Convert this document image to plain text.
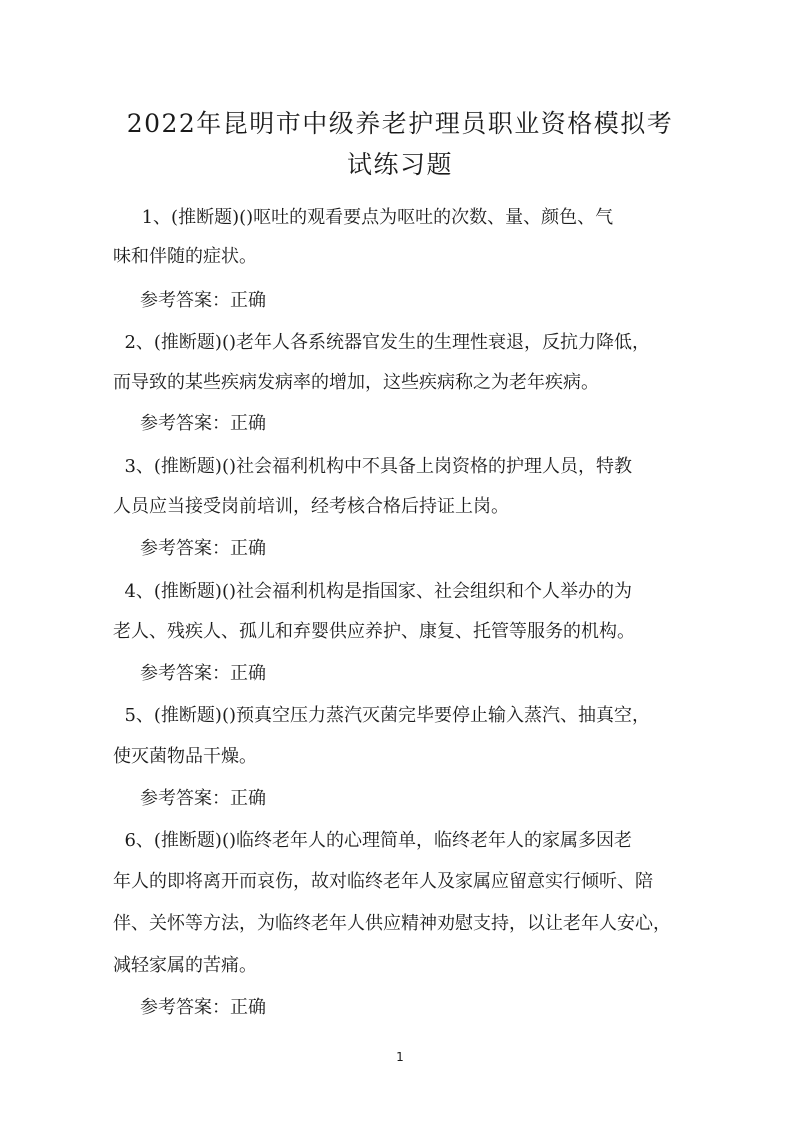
2022年昆明市中级养老护理员职业资格模拟考
试练习题

1、(推断题)()呕吐的观看要点为呕吐的次数、量、颜色、气

味和伴随的症状。

参考答案：正确

2、(推断题)()老年人各系统器官发生的生理性衰退，反抗力降低，

而导致的某些疾病发病率的增加，这些疾病称之为老年疾病。

参考答案：正确

3、(推断题)()社会福利机构中不具备上岗资格的护理人员，特教

人员应当接受岗前培训，经考核合格后持证上岗。

参考答案：正确

4、(推断题)()社会福利机构是指国家、社会组织和个人举办的为

老人、残疾人、孤儿和弃婴供应养护、康复、托管等服务的机构。

参考答案：正确

5、(推断题)()预真空压力蒸汽灭菌完毕要停止输入蒸汽、抽真空，

使灭菌物品干燥。

参考答案：正确

6、(推断题)()临终老年人的心理简单，临终老年人的家属多因老

年人的即将离开而哀伤，故对临终老年人及家属应留意实行倾听、陪

伴、关怀等方法，为临终老年人供应精神劝慰支持，以让老年人安心，

减轻家属的苦痛。

参考答案：正确

1
